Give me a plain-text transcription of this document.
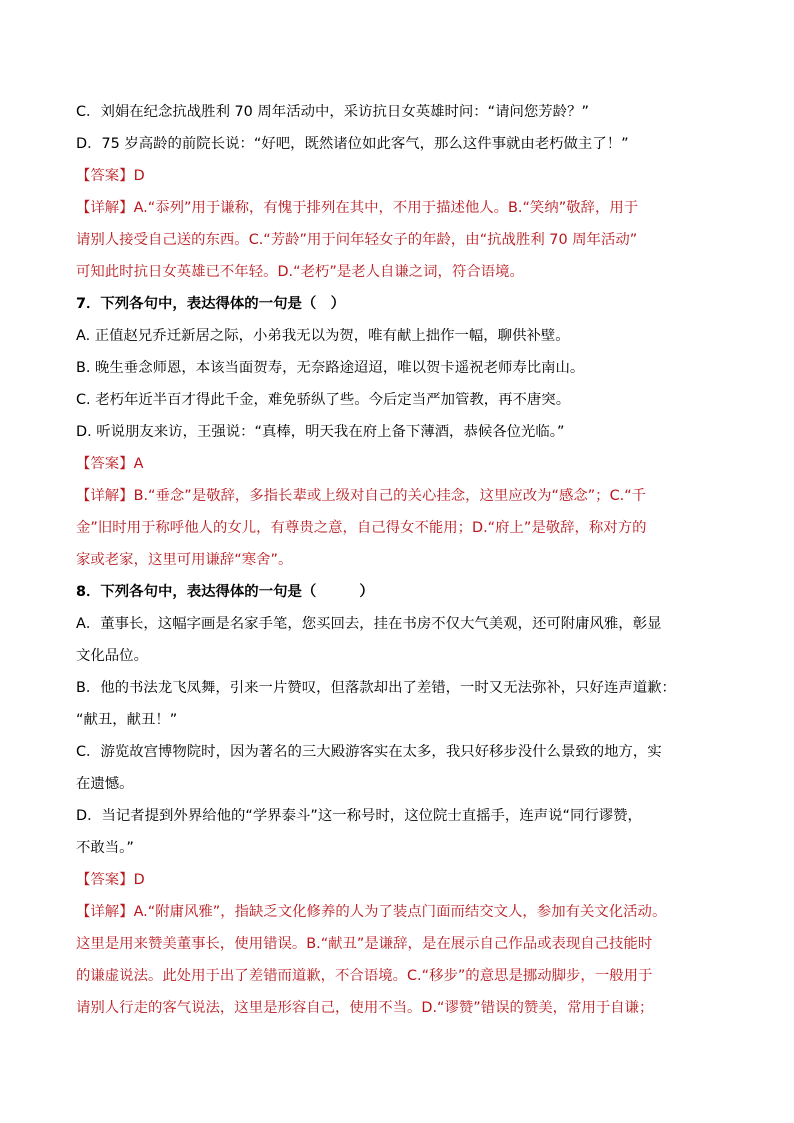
C．刘娟在纪念抗战胜利 70 周年活动中，采访抗日女英雄时问：“请问您芳龄？”
D．75 岁高龄的前院长说：“好吧，既然诸位如此客气，那么这件事就由老朽做主了！”
【答案】D
【详解】A.“忝列”用于谦称，有愧于排列在其中，不用于描述他人。B.“笑纳”敬辞，用于
请别人接受自己送的东西。C.“芳龄”用于问年轻女子的年龄，由“抗战胜利 70 周年活动”
可知此时抗日女英雄已不年轻。D.“老朽”是老人自谦之词，符合语境。
7．下列各句中，表达得体的一句是（　）
A. 正值赵兄乔迁新居之际，小弟我无以为贺，唯有献上拙作一幅，聊供补壁。
B. 晚生垂念师恩，本该当面贺寿，无奈路途迢迢，唯以贺卡遥祝老师寿比南山。
C. 老朽年近半百才得此千金，难免骄纵了些。今后定当严加管教，再不唐突。
D. 听说朋友来访，王强说：“真棒，明天我在府上备下薄酒，恭候各位光临。”
【答案】A
【详解】B.“垂念”是敬辞，多指长辈或上级对自己的关心挂念，这里应改为“感念”；C.“千
金”旧时用于称呼他人的女儿，有尊贵之意，自己得女不能用；D.“府上”是敬辞，称对方的
家或老家，这里可用谦辞“寒舍”。
8．下列各句中，表达得体的一句是（　　　）
A．董事长，这幅字画是名家手笔，您买回去，挂在书房不仅大气美观，还可附庸风雅，彰显
文化品位。
B．他的书法龙飞凤舞，引来一片赞叹，但落款却出了差错，一时又无法弥补，只好连声道歉：
“献丑，献丑！”
C．游览故宫博物院时，因为著名的三大殿游客实在太多，我只好移步没什么景致的地方，实
在遗憾。
D．当记者提到外界给他的“学界泰斗”这一称号时，这位院士直摇手，连声说“同行谬赞，
不敢当。”
【答案】D
【详解】A.“附庸风雅”，指缺乏文化修养的人为了装点门面而结交文人，参加有关文化活动。
这里是用来赞美董事长，使用错误。B.“献丑”是谦辞，是在展示自己作品或表现自己技能时
的谦虚说法。此处用于出了差错而道歉，不合语境。C.“移步”的意思是挪动脚步，一般用于
请别人行走的客气说法，这里是形容自己，使用不当。D.“谬赞”错误的赞美，常用于自谦；
